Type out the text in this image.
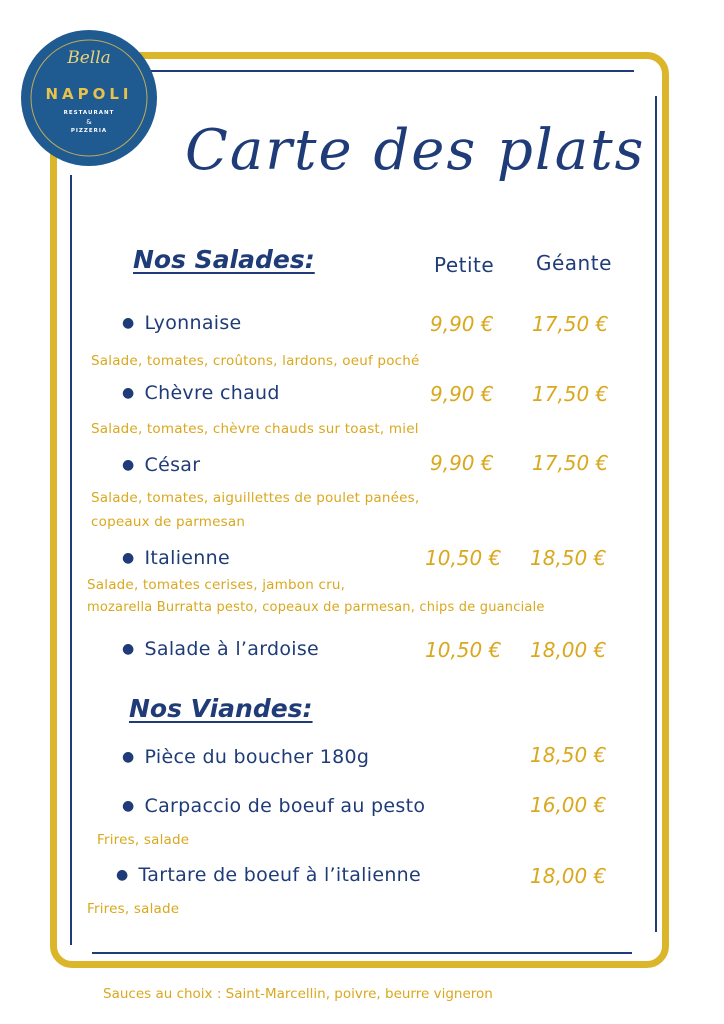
Bella
NAPOLI
RESTAURANT
&
PIZZERIA	Carte des plats
Nos Salades:	Petite Géante
● Lyonnaise	9,90 € 17,50 €
Salade, tomates, croûtons, lardons, oeuf poché
● Chèvre chaud	9,90 € 17,50 €
Salade, tomates, chèvre chauds sur toast, miel
● César	9,90 € 17,50 €
Salade, tomates, aiguillettes de poulet panées,
copeaux de parmesan
● Italienne	10,50 € 18,50 €
Salade, tomates cerises, jambon cru,
mozarella Burratta pesto, copeaux de parmesan, chips de guanciale
● Salade à l’ardoise	10,50 € 18,00 €
Nos Viandes:
● Pièce du boucher 180g	18,50 €
● Carpaccio de boeuf au pesto	16,00 €
Frires, salade
● Tartare de boeuf à l’italienne	18,00 €
Frires, salade
Sauces au choix : Saint-Marcellin, poivre, beurre vigneron
